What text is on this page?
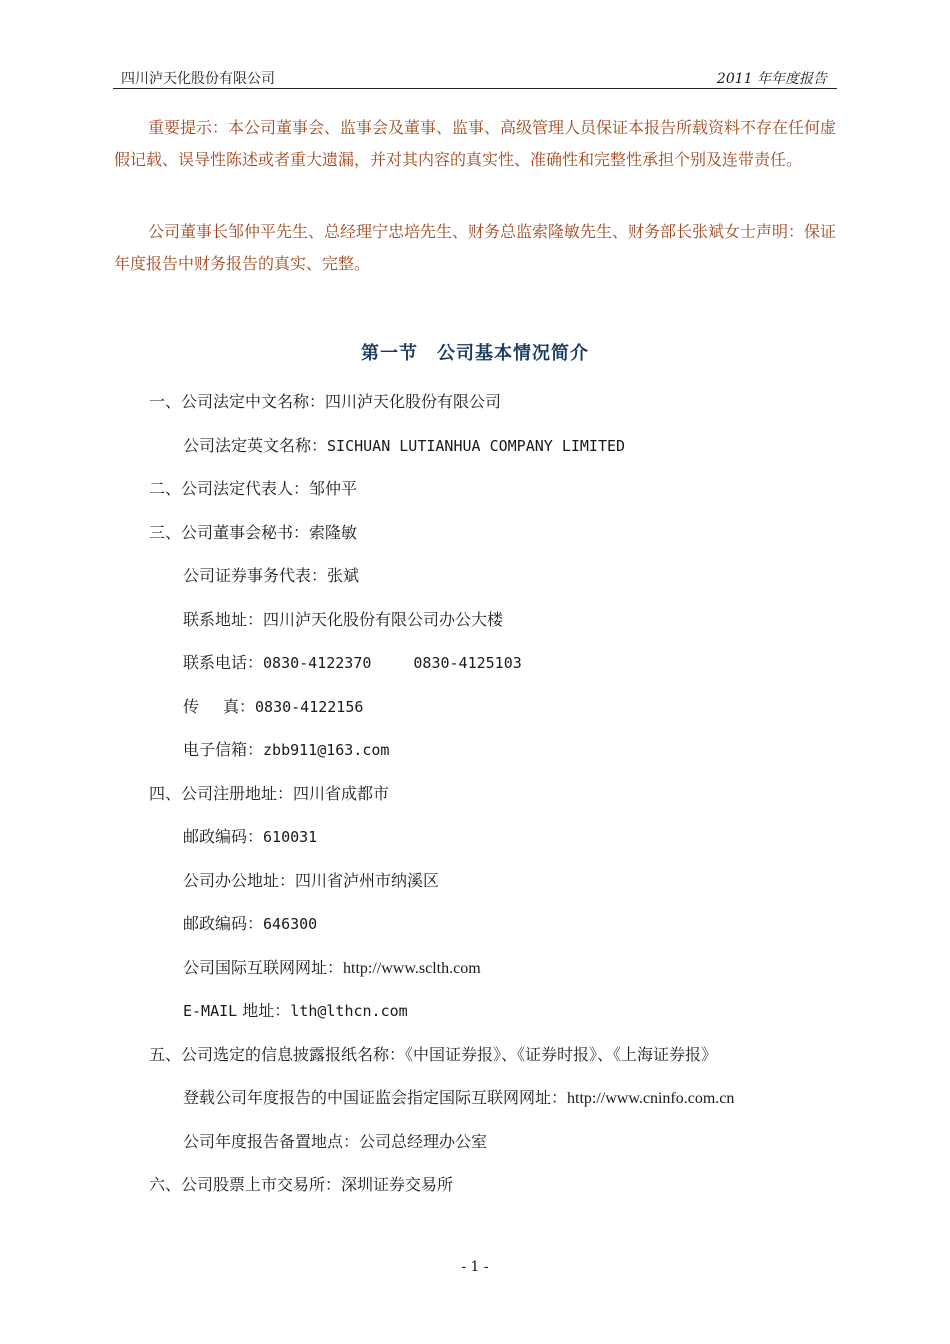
四川泸天化股份有限公司	2011 年年度报告

重要提示：本公司董事会、监事会及董事、监事、高级管理人员保证本报告所载资料不存在任何虚假记载、误导性陈述或者重大遗漏，并对其内容的真实性、准确性和完整性承担个别及连带责任。

公司董事长邹仲平先生、总经理宁忠培先生、财务总监索隆敏先生、财务部长张斌女士声明：保证年度报告中财务报告的真实、完整。

第一节　公司基本情况简介
一、公司法定中文名称：四川泸天化股份有限公司
公司法定英文名称：SICHUAN LUTIANHUA COMPANY LIMITED
二、公司法定代表人：邹仲平
三、公司董事会秘书：索隆敏
公司证券事务代表：张斌
联系地址：四川泸天化股份有限公司办公大楼
联系电话：0830-4122370	0830-4125103
传 真：0830-4122156
电子信箱：zbb911@163.com
四、公司注册地址：四川省成都市
邮政编码：610031
公司办公地址：四川省泸州市纳溪区
邮政编码：646300
公司国际互联网网址：http://www.sclth.com
E-MAIL 地址：lth@lthcn.com
五、公司选定的信息披露报纸名称：《中国证券报》、《证券时报》、《上海证券报》
登载公司年度报告的中国证监会指定国际互联网网址：http://www.cninfo.com.cn
公司年度报告备置地点：公司总经理办公室
六、公司股票上市交易所：深圳证券交易所
- 1 -
